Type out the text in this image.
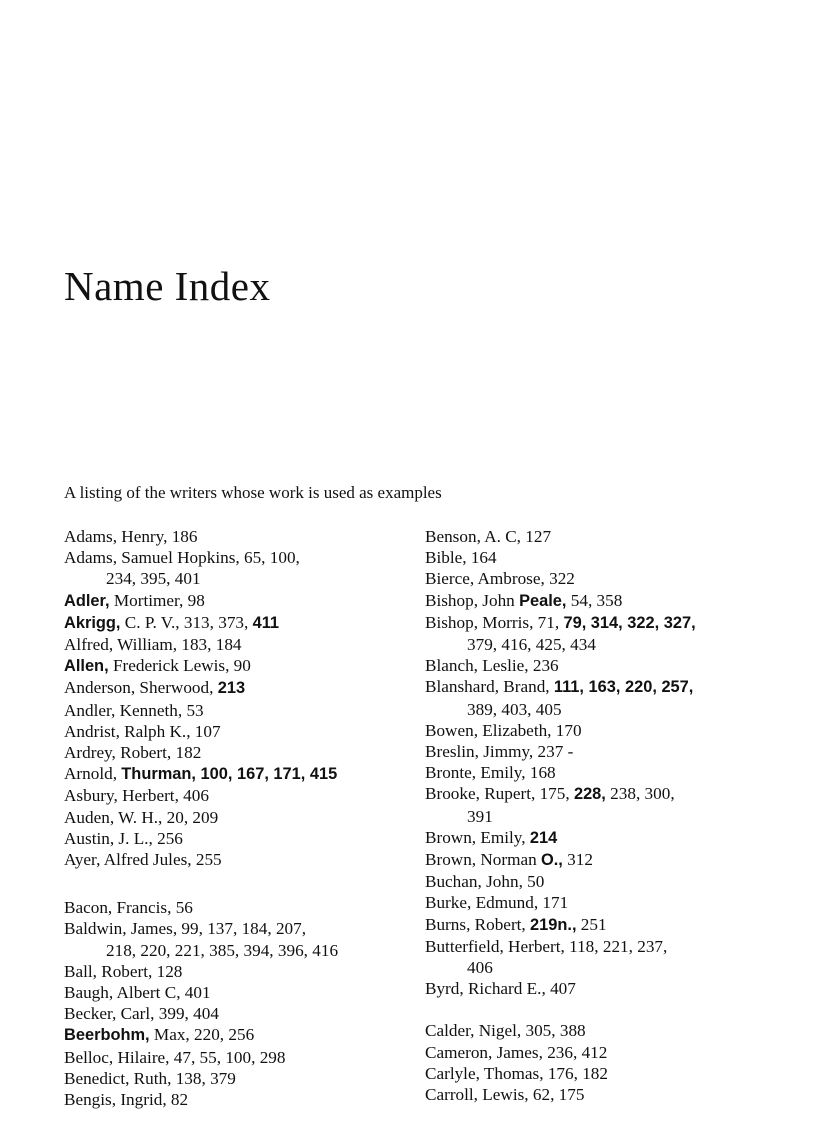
Name Index
A listing of the writers whose work is used as examples
Adams, Henry, 186
Adams, Samuel Hopkins, 65, 100,
234, 395, 401
Adler, Mortimer, 98
Akrigg, C. P. V., 313, 373, 411
Alfred, William, 183, 184
Allen, Frederick Lewis, 90
Anderson, Sherwood, 213
Andler, Kenneth, 53
Andrist, Ralph K., 107
Ardrey, Robert, 182
Arnold, Thurman, 100, 167, 171, 415
Asbury, Herbert, 406
Auden, W. H., 20, 209
Austin, J. L., 256
Ayer, Alfred Jules, 255
Bacon, Francis, 56
Baldwin, James, 99, 137, 184, 207,
218, 220, 221, 385, 394, 396, 416
Ball, Robert, 128
Baugh, Albert C, 401
Becker, Carl, 399, 404
Beerbohm, Max, 220, 256
Belloc, Hilaire, 47, 55, 100, 298
Benedict, Ruth, 138, 379
Bengis, Ingrid, 82
Benson, A. C, 127
Bible, 164
Bierce, Ambrose, 322
Bishop, John Peale, 54, 358
Bishop, Morris, 71, 79, 314, 322, 327,
379, 416, 425, 434
Blanch, Leslie, 236
Blanshard, Brand, 111, 163, 220, 257,
389, 403, 405
Bowen, Elizabeth, 170
Breslin, Jimmy, 237 -
Bronte, Emily, 168
Brooke, Rupert, 175, 228, 238, 300,
391
Brown, Emily, 214
Brown, Norman O., 312
Buchan, John, 50
Burke, Edmund, 171
Burns, Robert, 219n., 251
Butterfield, Herbert, 118, 221, 237,
406
Byrd, Richard E., 407
Calder, Nigel, 305, 388
Cameron, James, 236, 412
Carlyle, Thomas, 176, 182
Carroll, Lewis, 62, 175
